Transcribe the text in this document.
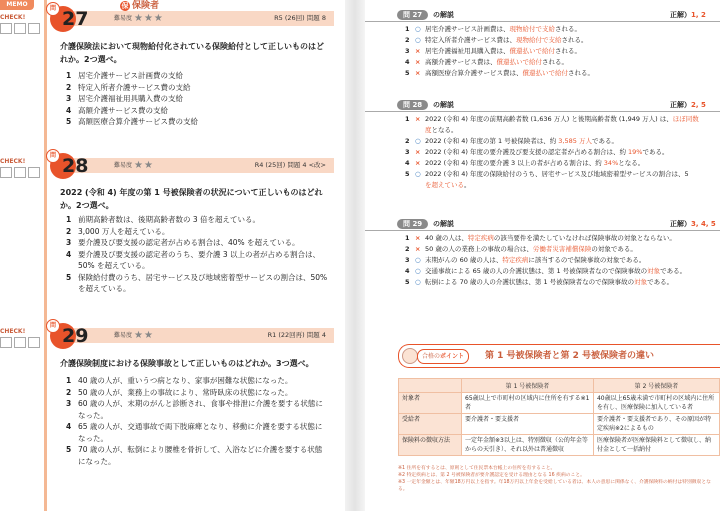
MEMO
CHECK!
CHECK!
CHECK!
保 保険者
難易度 ★★★	R5 (26回) 問題 8
問 27
介護保険法において現物給付化されている保険給付として正しいものはどれか。2つ選べ。
1 居宅介護サービス計画費の支給
2 特定入所者介護サービス費の支給
3 居宅介護福祉用具購入費の支給
4 高額介護サービス費の支給
5 高額医療合算介護サービス費の支給
難易度 ★★	R4 (25回) 問題 4 <改>
問 28
2022 (令和 4) 年度の第 1 号被保険者の状況について正しいものはどれか。2つ選べ。
1 前期高齢者数は、後期高齢者数の 3 倍を超えている。
2 3,000 万人を超えている。
3 要介護及び要支援の認定者が占める割合は、40% を超えている。
4 要介護及び要支援の認定者のうち、要介護 3 以上の者が占める割合は、50% を超えている。
5 保険給付費のうち、居宅サービス及び地域密着型サービスの割合は、50% を超えている。
難易度 ★★	R1 (22回再) 問題 4
問 29
介護保険制度における保険事故として正しいものはどれか。3つ選べ。
1 40 歳の人が、重いうつ病となり、家事が困難な状態になった。
2 50 歳の人が、業務上の事故により、常時臥床の状態になった。
3 60 歳の人が、末期のがんと診断され、食事や排泄に介護を要する状態になった。
4 65 歳の人が、交通事故で両下肢麻痺となり、移動に介護を要する状態になった。
5 70 歳の人が、転倒により腰椎を骨折して、入浴などに介護を要する状態になった。
問 27	の解説	正解）1, 2
1 ○ 居宅介護サービス計画費は、現物給付で支給される。
2 ○ 特定入所者介護サービス費は、現物給付で支給される。
3 × 居宅介護福祉用具購入費は、償還払いで給付される。
4 × 高額介護サービス費は、償還払いで給付される。
5 × 高額医療合算介護サービス費は、償還払いで給付される。
問 28	の解説	正解）2, 5
1 × 2022 (令和 4) 年度の前期高齢者数 (1,636 万人) と後期高齢者数 (1,949 万人) は、ほぼ同数
度となる。
2 ○ 2022 (令和 4) 年度の第 1 号被保険者は、約 3,585 万人である。
3 × 2022 (令和 4) 年度の要介護及び要支援の認定者が占める割合は、約 19%である。
4 × 2022 (令和 4) 年度の要介護 3 以上の者が占める割合は、約 34%となる。
5 ○ 2022 (令和 4) 年度の保険給付のうち、居宅サービス及び地域密着型サービスの割合は、5
を超えている。
問 29	の解説	正解）3, 4, 5
1 × 40 歳の人は、特定疾病の該当要件を満たしていなければ保険事故の対象とならない。
2 × 50 歳の人の業務上の事故の場合は、労働者災害補償保険の対象である。
3 ○ 末期がんの 60 歳の人は、特定疾病に該当するので保険事故の対象である。
4 ○ 交通事故による 65 歳の人の介護状態は、第 1 号被保険者なので保険事故の対象である。
5 ○ 転倒による 70 歳の人の介護状態は、第 1 号被保険者なので保険事故の対象である。
合格のポイント	第 1 号被保険者と第 2 号被保険者の違い
	第 1 号被保険者	第 2 号被保険者
対象者	65歳以上で市町村の区域内に住所を有する※1者	40歳以上65歳未満で市町村の区域内に住所を有し、医療保険に加入している者
受給者	要介護者・要支援者	要介護者・要支援者であり、その原因が特定疾病※2によるもの
保険料の徴収方法	一定年金額※3以上は、特別徴収（公的年金等からの天引き）、それ以外は普通徴収	医療保険者が医療保険料として徴収し、納付金として一括納付
※1 住所を有するとは、原則として住民票本台帳上の住所を有すること。
※2 特定疾病とは、第 2 号被保険者が要介護認定を受ける理由となる 16 疾病のこと。
※3 一定年金額とは、年額18万円以上を指す。年18万円以上年金を受給している者は、本人の意思に関係なく、介護保険料の納付は特別徴収となる。
